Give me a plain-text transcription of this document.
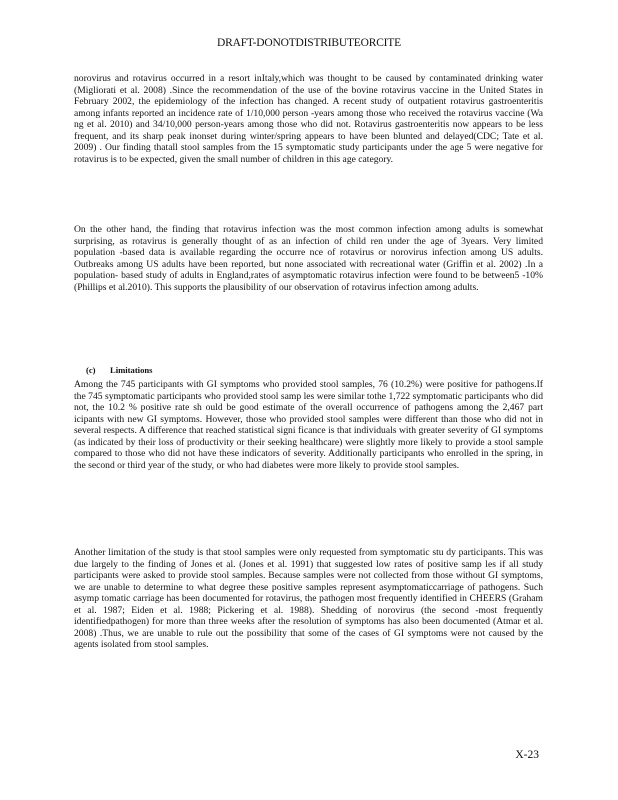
DRAFT-DONOTDISTRIBUTEORCITE

norovirus and rotavirus occurred in a resort inItaly,which was thought to be caused by contaminated drinking water (Migliorati et al. 2008) .Since the recommendation of the use of the bovine rotavirus vaccine in the United States in February 2002, the epidemiology of the infection has changed. A recent study of outpatient rotavirus gastroenteritis among infants reported an incidence rate of 1/10,000 person -years among those who received the rotavirus vaccine (Wa ng et al. 2010) and 34/10,000 person-years among those who did not. Rotavirus gastroenteritis now appears to be less frequent, and its sharp peak inonset during winter/spring appears to have been blunted and delayed(CDC; Tate et al. 2009) . Our finding thatall stool samples from the 15 symptomatic study participants under the age 5 were negative for rotavirus is to be expected, given the small number of children in this age category.

On the other hand, the finding that rotavirus infection was the most common infection among adults is somewhat surprising, as rotavirus is generally thought of as an infection of child ren under the age of 3years. Very limited population -based data is available regarding the occurre nce of rotavirus or norovirus infection among US adults. Outbreaks among US adults have been reported, but none associated with recreational water (Griffin et al. 2002) .In a population- based study of adults in England,rates of asymptomatic rotavirus infection were found to be between5 -10% (Phillips et al.2010). This supports the plausibility of our observation of rotavirus infection among adults.

(c) Limitations

Among the 745 participants with GI symptoms who provided stool samples, 76 (10.2%) were positive for pathogens.If the 745 symptomatic participants who provided stool samp les were similar tothe 1,722 symptomatic participants who did not, the 10.2 % positive rate sh ould be good estimate of the overall occurrence of pathogens among the 2,467 part icipants with new GI symptoms. However, those who provided stool samples were different than those who did not in several respects. A difference that reached statistical signi ficance is that individuals with greater severity of GI symptoms (as indicated by their loss of productivity or their seeking healthcare) were slightly more likely to provide a stool sample compared to those who did not have these indicators of severity. Additionally participants who enrolled in the spring, in the second or third year of the study, or who had diabetes were more likely to provide stool samples.

Another limitation of the study is that stool samples were only requested from symptomatic stu dy participants. This was due largely to the finding of Jones et al. (Jones et al. 1991) that suggested low rates of positive samp les if all study participants were asked to provide stool samples. Because samples were not collected from those without GI symptoms, we are unable to determine to what degree these positive samples represent asymptomaticcarriage of pathogens. Such asymp tomatic carriage has been documented for rotavirus, the pathogen most frequently identified in CHEERS (Graham et al. 1987; Eiden et al. 1988; Pickering et al. 1988). Shedding of norovirus (the second -most frequently identifiedpathogen) for more than three weeks after the resolution of symptoms has also been documented (Atmar et al. 2008) .Thus, we are unable to rule out the possibility that some of the cases of GI symptoms were not caused by the agents isolated from stool samples.

X-23
